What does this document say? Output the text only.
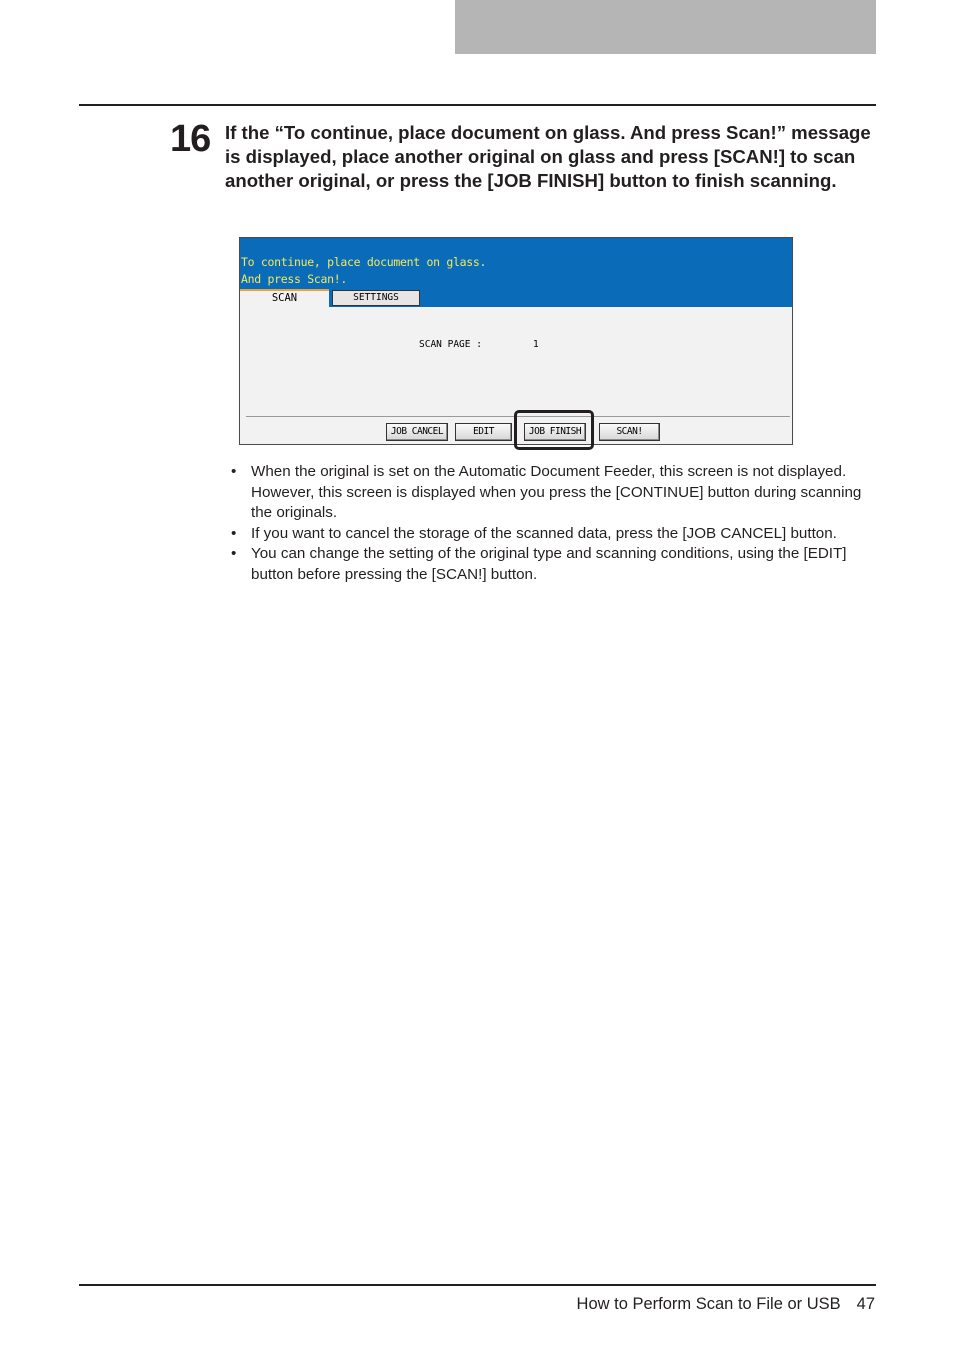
16 If the “To continue, place document on glass. And press Scan!” message is displayed, place another original on glass and press [SCAN!] to scan another original, or press the [JOB FINISH] button to finish scanning.

To continue, place document on glass.
And press Scan!.
SCAN	SETTINGS
SCAN PAGE :	1
JOB CANCEL	EDIT	JOB FINISH	SCAN!
• When the original is set on the Automatic Document Feeder, this screen is not displayed. However, this screen is displayed when you press the [CONTINUE] button during scanning the originals.
• If you want to cancel the storage of the scanned data, press the [JOB CANCEL] button.
• You can change the setting of the original type and scanning conditions, using the [EDIT] button before pressing the [SCAN!] button.
How to Perform Scan to File or USB 47
